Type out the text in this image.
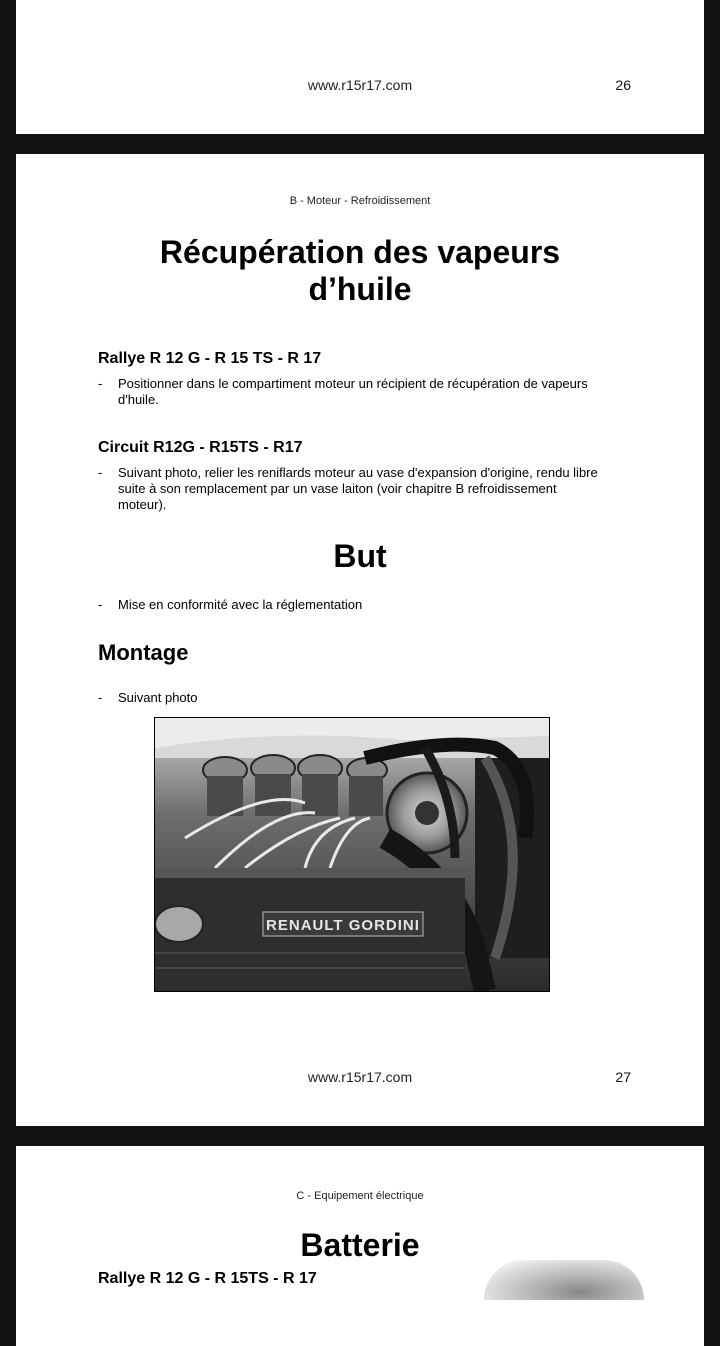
www.r15r17.com	26
B - Moteur - Refroidissement
Récupération des vapeurs
d’huile
Rallye R 12 G - R 15 TS - R 17
- Positionner dans le compartiment moteur un récipient de récupération de vapeurs
d'huile.
Circuit R12G - R15TS - R17
- Suivant photo, relier les reniflards moteur au vase d'expansion d'origine, rendu libre
suite à son remplacement par un vase laiton (voir chapitre B refroidissement
moteur).
But
- Mise en conformité avec la réglementation
Montage
- Suivant photo
RENAULT GORDINI
www.r15r17.com	27
C - Equipement électrique
Batterie
Rallye R 12 G - R 15TS - R 17
